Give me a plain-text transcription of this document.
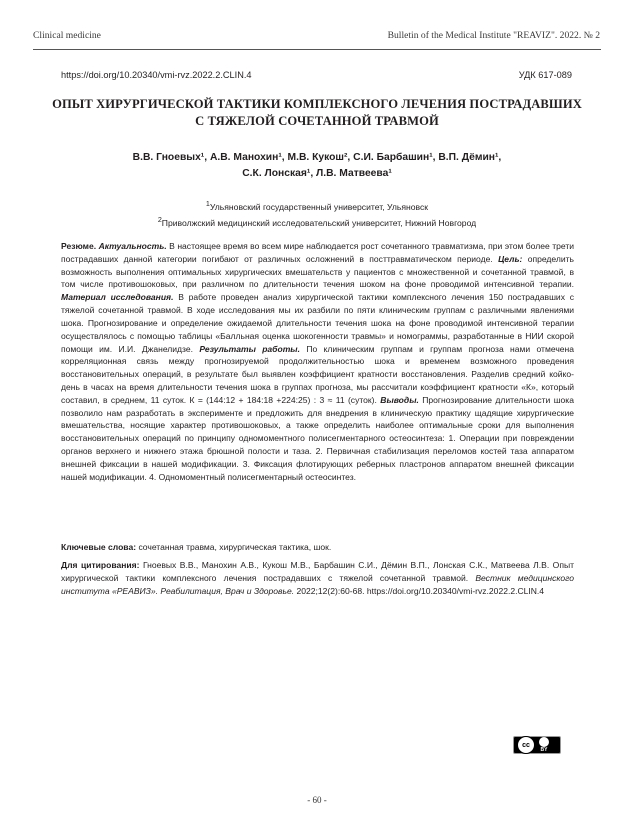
Clinical medicine	Bulletin of the Medical Institute "REAVIZ". 2022. № 2
https://doi.org/10.20340/vmi-rvz.2022.2.CLIN.4	УДК 617-089
ОПЫТ ХИРУРГИЧЕСКОЙ ТАКТИКИ КОМПЛЕКСНОГО ЛЕЧЕНИЯ ПОСТРАДАВШИХ
С ТЯЖЕЛОЙ СОЧЕТАННОЙ ТРАВМОЙ
В.В. Гноевых¹, А.В. Манохин¹, М.В. Кукош², С.И. Барбашин¹, В.П. Дёмин¹,
С.К. Лонская¹, Л.В. Матвеева¹
$^1$Ульяновский государственный университет, Ульяновск
$^2$Приволжский медицинский исследовательский университет, Нижний Новгород

Резюме. Актуальность. В настоящее время во всем мире наблюдается рост сочетанного травматизма, при этом более трети пострадавших данной категории погибают от различных осложнений в посттравматическом периоде. Цель: определить возможность выполнения оптимальных хирургических вмешательств у пациентов с множественной и сочетанной травмой, в том числе противошоковых, при различном по длительности течения шоком на фоне проводимой интенсивной терапии. Материал исследования. В работе проведен анализ хирургической тактики комплексного лечения 150 пострадавших с тяжелой сочетанной травмой. В ходе исследования мы их разбили по пяти клиническим группам с различными явлениями шока. Прогнозирование и определение ожидаемой длительности течения шока на фоне проводимой интенсивной терапии осуществлялось с помощью таблицы «Балльная оценка шокогенности травмы» и номограммы, разработанные в НИИ скорой помощи им. И.И. Джанелидзе. Результаты работы. По клиническим группам и группам прогноза нами отмечена корреляционная связь между прогнозируемой продолжительностью шока и временем возможного проведения восстановительных операций, в результате был выявлен коэффициент кратности восстановления. Разделив средний койко-день в часах на время длительности течения шока в группах прогноза, мы рассчитали коэффициент кратности «К», который составил, в среднем, 11 суток. К = (144:12 + 184:18 +224:25) : 3 ≈ 11 (суток). Выводы. Прогнозирование длительности шока позволило нам разработать в эксперименте и предложить для внедрения в клиническую практику щадящие хирургические вмешательства, носящие характер противошоковых, а также определить наиболее оптимальные сроки для выполнения восстановительных операций по принципу одномоментного полисегментарного остеосинтеза: 1. Операции при повреждении органов верхнего и нижнего этажа брюшной полости и таза. 2. Первичная стабилизация переломов костей таза аппаратом внешней фиксации в нашей модификации. 3. Фиксация флотирующих реберных пластронов аппаратом внешней фиксации нашей модификации. 4. Одномоментный полисегментарный остеосинтез.

Ключевые слова: сочетанная травма, хирургическая тактика, шок.
Для цитирования: Гноевых В.В., Манохин А.В., Кукош М.В., Барбашин С.И., Дёмин В.П., Лонская С.К., Матвеева Л.В. Опыт хирургической тактики комплексного лечения пострадавших с тяжелой сочетанной травмой. Вестник медицинского института «РЕАВИЗ». Реабилитация, Врач и Здоровье. 2022;12(2):60-68. https://doi.org/10.20340/vmi-rvz.2022.2.CLIN.4
cc
BY
- 60 -
